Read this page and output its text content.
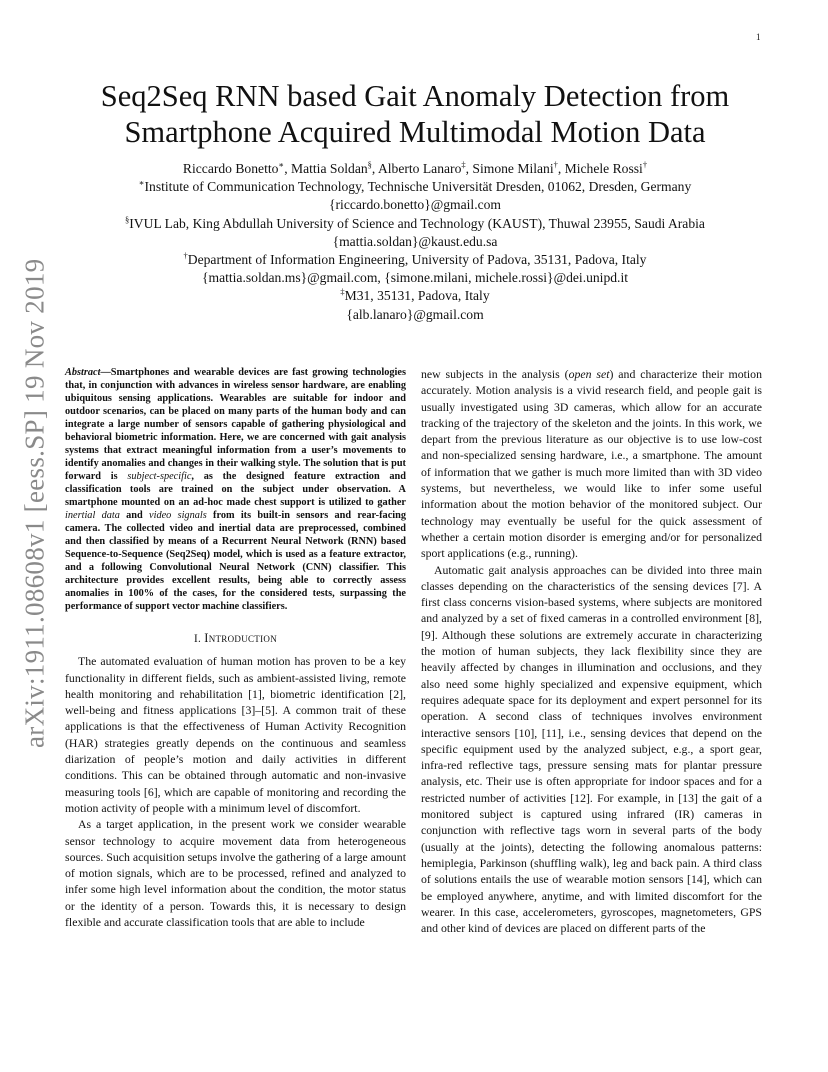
1
arXiv:1911.08608v1 [eess.SP] 19 Nov 2019
Seq2Seq RNN based Gait Anomaly Detection from
Smartphone Acquired Multimodal Motion Data
Riccardo Bonetto∗, Mattia Soldan§, Alberto Lanaro‡, Simone Milani†, Michele Rossi†
∗Institute of Communication Technology, Technische Universität Dresden, 01062, Dresden, Germany
{riccardo.bonetto}@gmail.com
§IVUL Lab, King Abdullah University of Science and Technology (KAUST), Thuwal 23955, Saudi Arabia
{mattia.soldan}@kaust.edu.sa
†Department of Information Engineering, University of Padova, 35131, Padova, Italy
{mattia.soldan.ms}@gmail.com, {simone.milani, michele.rossi}@dei.unipd.it
‡M31, 35131, Padova, Italy
{alb.lanaro}@gmail.com

Abstract—Smartphones and wearable devices are fast growing technologies that, in conjunction with advances in wireless sensor hardware, are enabling ubiquitous sensing applications. Wearables are suitable for indoor and outdoor scenarios, can be placed on many parts of the human body and can integrate a large number of sensors capable of gathering physiological and behavioral biometric information. Here, we are concerned with gait analysis systems that extract meaningful information from a user’s movements to identify anomalies and changes in their walking style. The solution that is put forward is subject-specific, as the designed feature extraction and classification tools are trained on the subject under observation. A smartphone mounted on an ad-hoc made chest support is utilized to gather inertial data and video signals from its built-in sensors and rear-facing camera. The collected video and inertial data are preprocessed, combined and then classified by means of a Recurrent Neural Network (RNN) based Sequence-to-Sequence (Seq2Seq) model, which is used as a feature extractor, and a following Convolutional Neural Network (CNN) classifier. This architecture provides excellent results, being able to correctly assess anomalies in 100% of the cases, for the considered tests, surpassing the performance of support vector machine classifiers.

I. Introduction

The automated evaluation of human motion has proven to be a key functionality in different fields, such as ambient-assisted living, remote health monitoring and rehabilitation [1], biometric identification [2], well-being and fitness applications [3]–[5]. A common trait of these applications is that the effectiveness of Human Activity Recognition (HAR) strategies greatly depends on the continuous and seamless diarization of people’s motion and daily activities in different conditions. This can be obtained through automatic and non-invasive measuring tools [6], which are capable of monitoring and recording the motion activity of people with a minimum level of discomfort.

As a target application, in the present work we consider wearable sensor technology to acquire movement data from heterogeneous sources. Such acquisition setups involve the gathering of a large amount of motion signals, which are to be processed, refined and analyzed to infer some high level information about the condition, the motor status or the identity of a person. Towards this, it is necessary to design flexible and accurate classification tools that are able to include

new subjects in the analysis (open set) and characterize their motion accurately. Motion analysis is a vivid research field, and people gait is usually investigated using 3D cameras, which allow for an accurate tracking of the trajectory of the skeleton and the joints. In this work, we depart from the previous literature as our objective is to use low-cost and non-specialized sensing hardware, i.e., a smartphone. The amount of information that we gather is much more limited than with 3D video systems, but nevertheless, we would like to infer some useful information about the motion behavior of the monitored subject. Our technology may eventually be useful for the quick assessment of whether a certain motion disorder is emerging and/or for personalized sport applications (e.g., running).

Automatic gait analysis approaches can be divided into three main classes depending on the characteristics of the sensing devices [7]. A first class concerns vision-based systems, where subjects are monitored and analyzed by a set of fixed cameras in a controlled environment [8], [9]. Although these solutions are extremely accurate in characterizing the motion of human subjects, they lack flexibility since they are heavily affected by changes in illumination and occlusions, and they also need some highly specialized and expensive equipment, which requires adequate space for its deployment and expert personnel for its operation. A second class of techniques involves environment interactive sensors [10], [11], i.e., sensing devices that depend on the specific equipment used by the analyzed subject, e.g., a sport gear, infra-red reflective tags, pressure sensing mats for plantar pressure analysis, etc. Their use is often appropriate for indoor spaces and for a restricted number of activities [12]. For example, in [13] the gait of a monitored subject is captured using infrared (IR) cameras in conjunction with reflective tags worn in several parts of the body (usually at the joints), detecting the following anomalous patterns: hemiplegia, Parkinson (shuffling walk), leg and back pain. A third class of solutions entails the use of wearable motion sensors [14], which can be employed anywhere, anytime, and with limited discomfort for the wearer. In this case, accelerometers, gyroscopes, magnetometers, GPS and other kind of devices are placed on different parts of the
